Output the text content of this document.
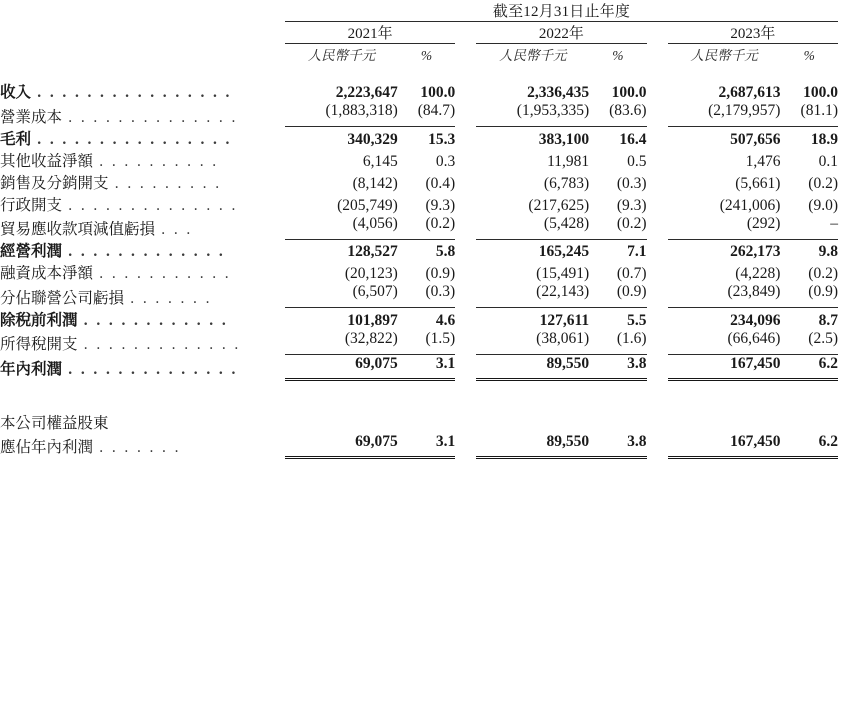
	截至12月31日止年度							
	2021年			2022年			2023年	
	人民幣千元	%		人民幣千元	%		人民幣千元	%

收入 . . . . . . . . . . . . . . . .	2,223,647	100.0		2,336,435	100.0		2,687,613	100.0
營業成本 . . . . . . . . . . . . . .	(1,883,318)	(84.7)		(1,953,335)	(83.6)		(2,179,957)	(81.1)
毛利 . . . . . . . . . . . . . . . .	340,329	15.3		383,100	16.4		507,656	18.9
其他收益淨額 . . . . . . . . . .	6,145	0.3		11,981	0.5		1,476	0.1
銷售及分銷開支 . . . . . . . . .	(8,142)	(0.4)		(6,783)	(0.3)		(5,661)	(0.2)
行政開支 . . . . . . . . . . . . . .	(205,749)	(9.3)		(217,625)	(9.3)		(241,006)	(9.0)
貿易應收款項減值虧損 . . .	(4,056)	(0.2)		(5,428)	(0.2)		(292)	–
經營利潤 . . . . . . . . . . . . .	128,527	5.8		165,245	7.1		262,173	9.8
融資成本淨額 . . . . . . . . . . .	(20,123)	(0.9)		(15,491)	(0.7)		(4,228)	(0.2)
分佔聯營公司虧損 . . . . . . .	(6,507)	(0.3)		(22,143)	(0.9)		(23,849)	(0.9)
除稅前利潤 . . . . . . . . . . . .	101,897	4.6		127,611	5.5		234,096	8.7
所得稅開支 . . . . . . . . . . . . .	(32,822)	(1.5)		(38,061)	(1.6)		(66,646)	(2.5)
年內利潤 . . . . . . . . . . . . . .	69,075	3.1		89,550	3.8		167,450	6.2

本公司權益股東								
應佔年內利潤 . . . . . . .	69,075	3.1		89,550	3.8		167,450	6.2
